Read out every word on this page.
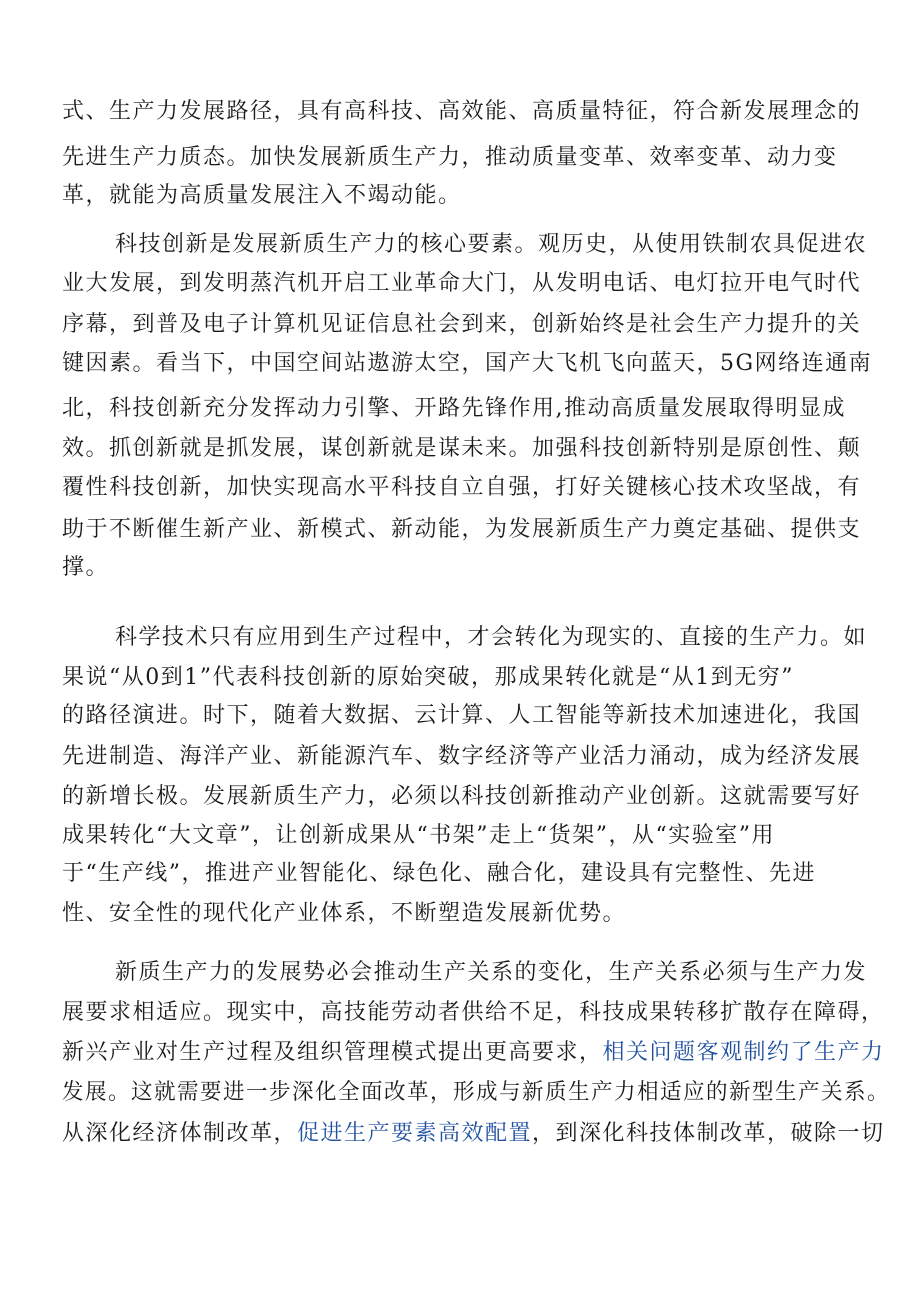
式、生产力发展路径，具有高科技、高效能、高质量特征，符合新发展理念的
先进生产力质态。加快发展新质生产力，推动质量变革、效率变革、动力变
革，就能为高质量发展注入不竭动能。
科技创新是发展新质生产力的核心要素。观历史，从使用铁制农具促进农
业大发展，到发明蒸汽机开启工业革命大门，从发明电话、电灯拉开电气时代
序幕，到普及电子计算机见证信息社会到来，创新始终是社会生产力提升的关
键因素。看当下，中国空间站遨游太空，国产大飞机飞向蓝天，5G网络连通南
北，科技创新充分发挥动力引擎、开路先锋作用,推动高质量发展取得明显成
效。抓创新就是抓发展，谋创新就是谋未来。加强科技创新特别是原创性、颠
覆性科技创新，加快实现高水平科技自立自强，打好关键核心技术攻坚战，有
助于不断催生新产业、新模式、新动能，为发展新质生产力奠定基础、提供支
撑。
科学技术只有应用到生产过程中，才会转化为现实的、直接的生产力。如
果说“从0到1”代表科技创新的原始突破，那成果转化就是“从1到无穷”
的路径演进。时下，随着大数据、云计算、人工智能等新技术加速进化，我国
先进制造、海洋产业、新能源汽车、数字经济等产业活力涌动，成为经济发展
的新增长极。发展新质生产力，必须以科技创新推动产业创新。这就需要写好
成果转化“大文章”，让创新成果从“书架”走上“货架”，从“实验室”用
于“生产线”，推进产业智能化、绿色化、融合化，建设具有完整性、先进
性、安全性的现代化产业体系，不断塑造发展新优势。
新质生产力的发展势必会推动生产关系的变化，生产关系必须与生产力发
展要求相适应。现实中，高技能劳动者供给不足，科技成果转移扩散存在障碍，
新兴产业对生产过程及组织管理模式提出更高要求，相关问题客观制约了生产力
发展。这就需要进一步深化全面改革，形成与新质生产力相适应的新型生产关系。
从深化经济体制改革，促进生产要素高效配置，到深化科技体制改革，破除一切
